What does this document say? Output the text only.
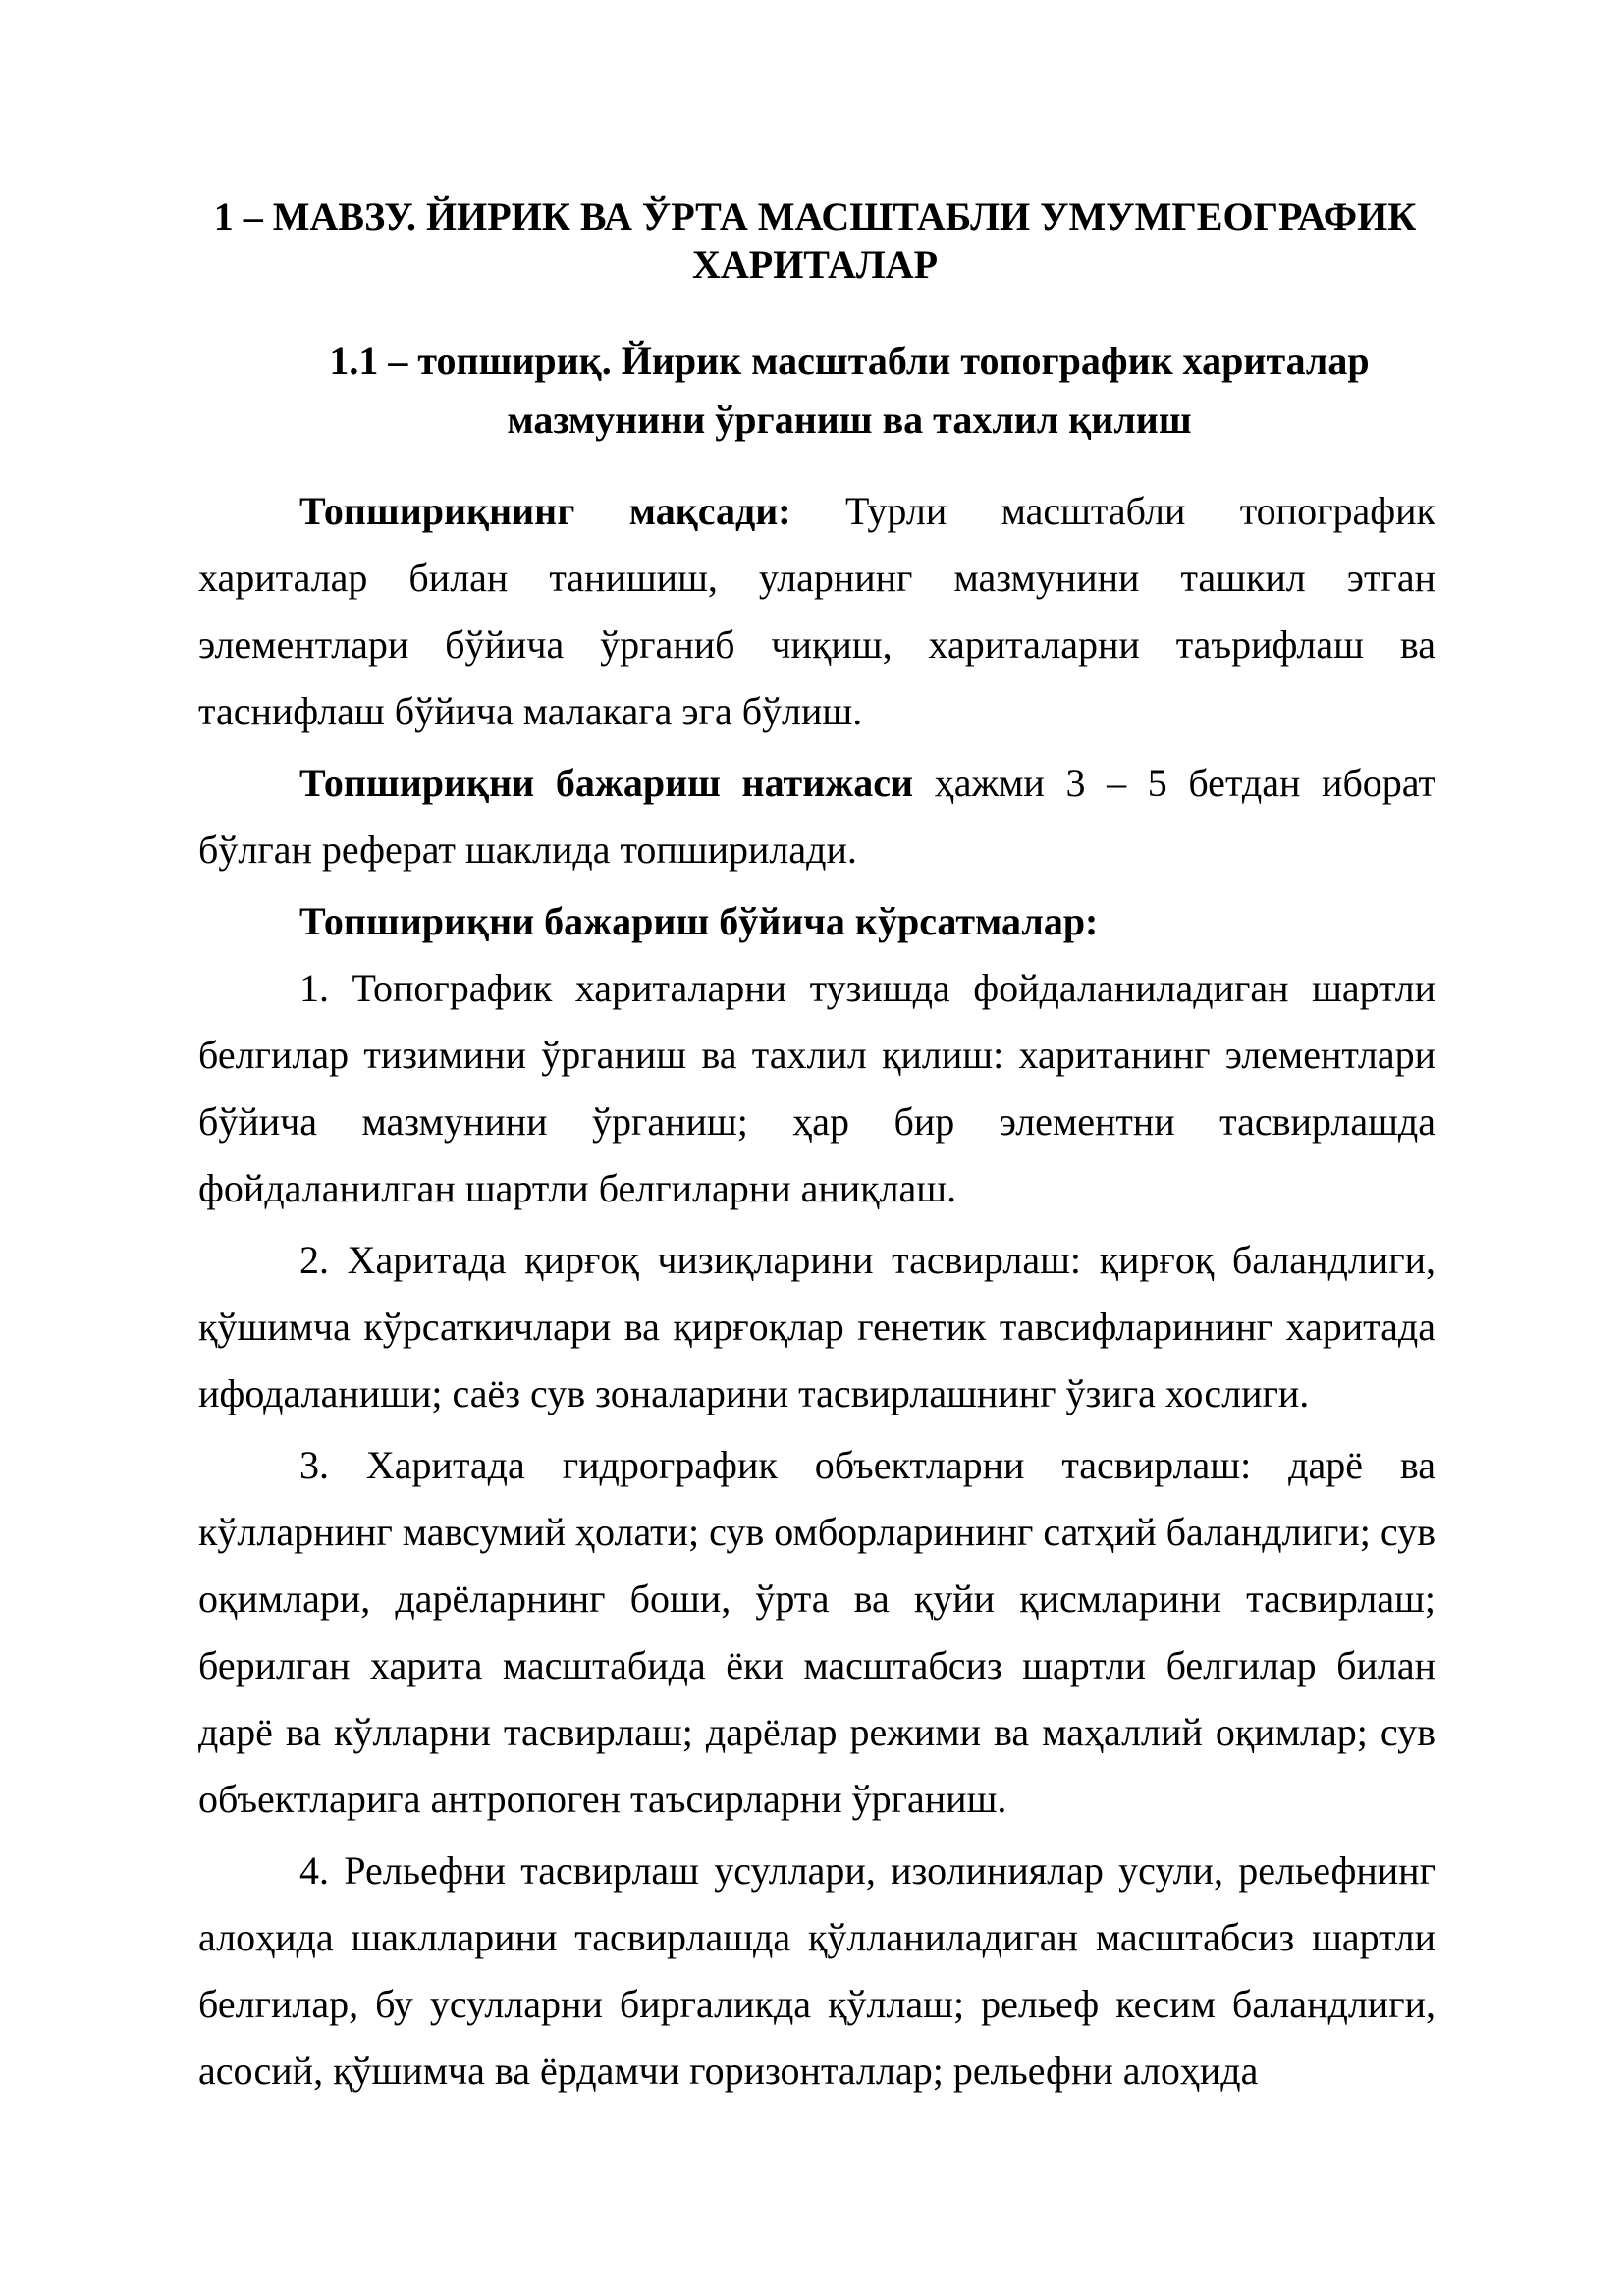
1 – МАВЗУ. ЙИРИК ВА ЎРТА МАСШТАБЛИ УМУМГЕОГРАФИК
ХАРИТАЛАР
1.1 – топшириқ. Йирик масштабли топографик хариталар
мазмунини ўрганиш ва тахлил қилиш

Топшириқнинг мақсади: Турли масштабли топографик хариталар билан танишиш, уларнинг мазмунини ташкил этган элементлари бўйича ўрганиб чиқиш, хариталарни таърифлаш ва таснифлаш бўйича малакага эга бўлиш.

Топшириқни бажариш натижаси ҳажми 3 – 5 бетдан иборат бўлган реферат шаклида топширилади.

Топшириқни бажариш бўйича кўрсатмалар:

1. Топографик хариталарни тузишда фойдаланиладиган шартли белгилар тизимини ўрганиш ва тахлил қилиш: хаританинг элементлари бўйича мазмунини ўрганиш; ҳар бир элементни тасвирлашда фойдаланилган шартли белгиларни аниқлаш.

2. Харитада қирғоқ чизиқларини тасвирлаш: қирғоқ баландлиги, қўшимча кўрсаткичлари ва қирғоқлар генетик тавсифларининг харитада ифодаланиши; саёз сув зоналарини тасвирлашнинг ўзига хослиги.

3. Харитада гидрографик объектларни тасвирлаш: дарё ва кўлларнинг мавсумий ҳолати; сув омборларининг сатҳий баландлиги; сув оқимлари, дарёларнинг боши, ўрта ва қуйи қисмларини тасвирлаш; берилган харита масштабида ёки масштабсиз шартли белгилар билан дарё ва кўлларни тасвирлаш; дарёлар режими ва маҳаллий оқимлар; сув объектларига антропоген таъсирларни ўрганиш.

4. Рельефни тасвирлаш усуллари, изолиниялар усули, рельефнинг алоҳида шаклларини тасвирлашда қўлланиладиган масштабсиз шартли белгилар, бу усулларни биргаликда қўллаш; рельеф кесим баландлиги, асосий, қўшимча ва ёрдамчи горизонталлар; рельефни алоҳида
